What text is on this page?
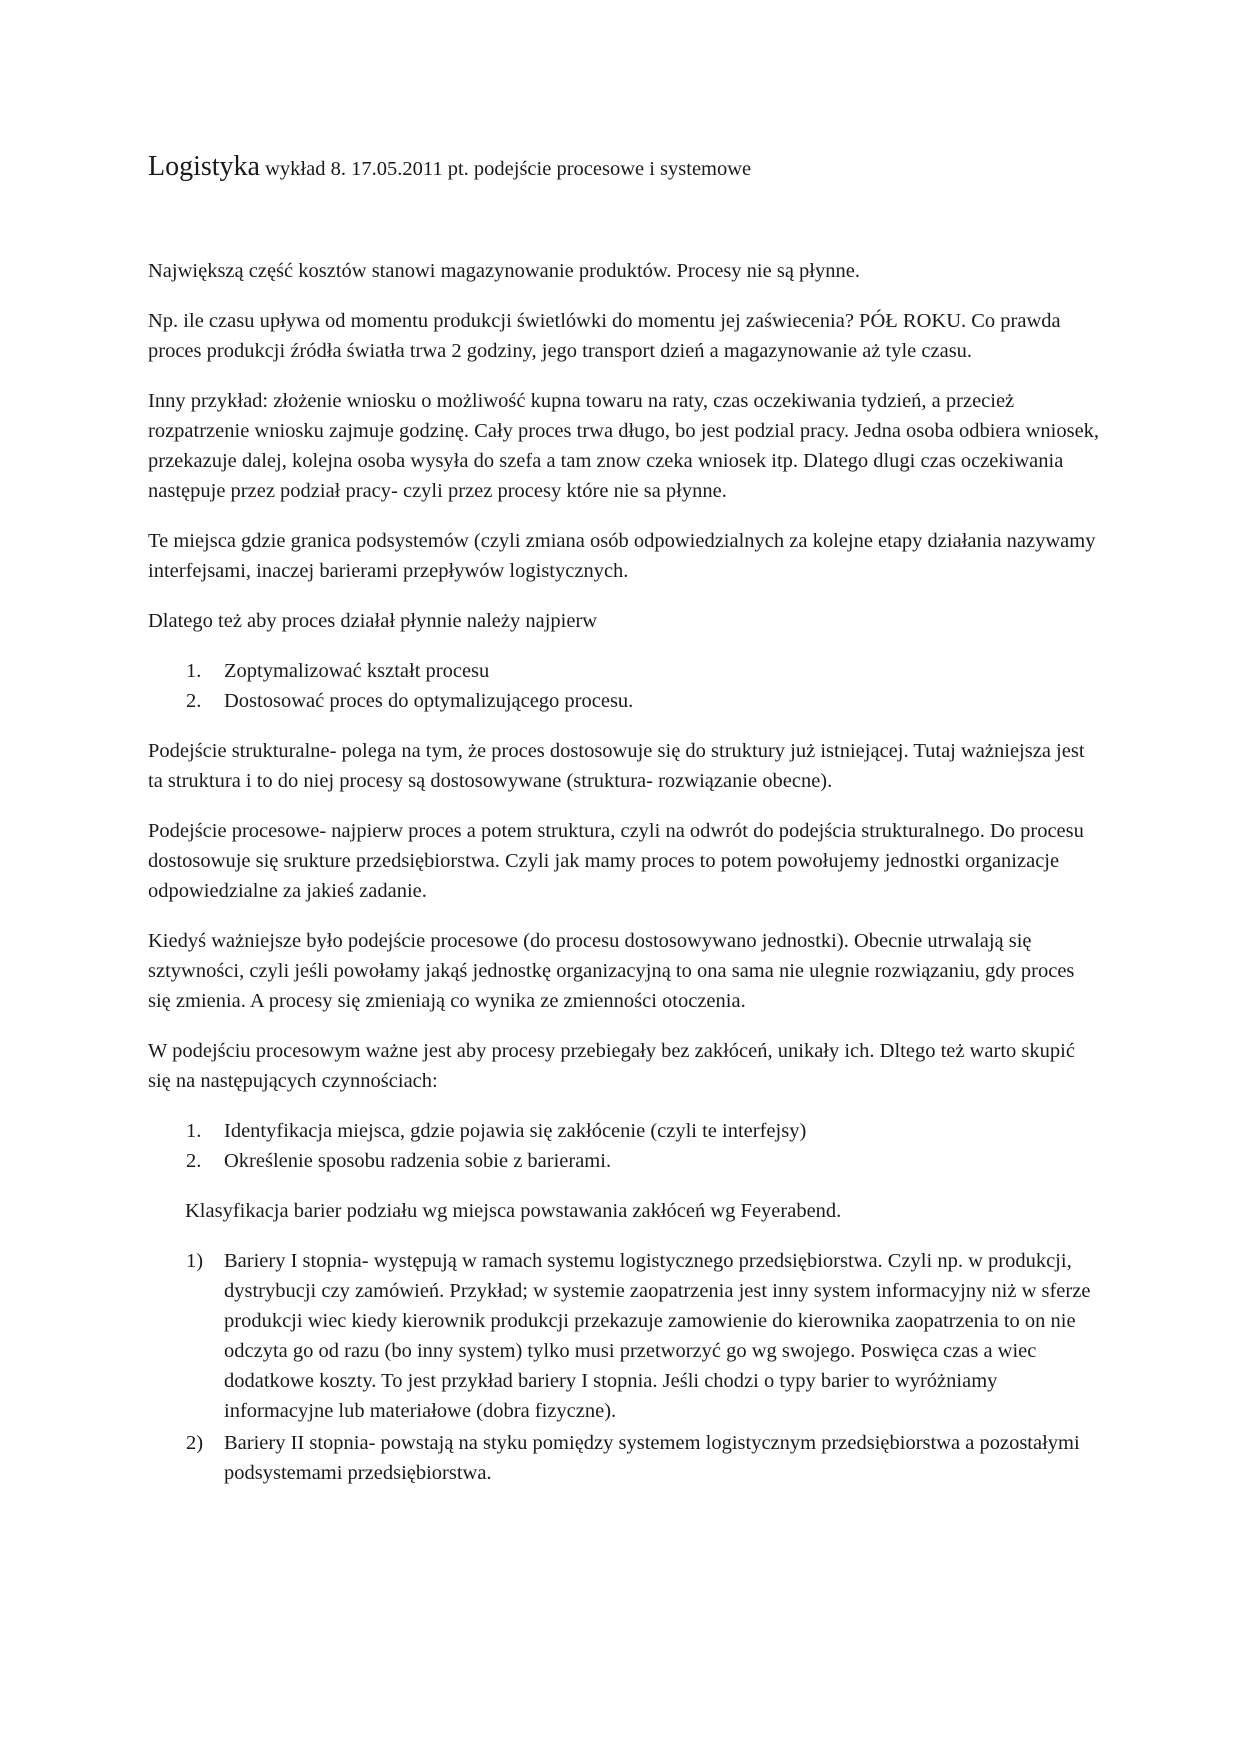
Logistyka wykład 8. 17.05.2011 pt. podejście procesowe i systemowe

Największą część kosztów stanowi magazynowanie produktów. Procesy nie są płynne.

Np. ile czasu upływa od momentu produkcji świetlówki do momentu jej zaświecenia? PÓŁ ROKU. Co prawda proces produkcji źródła światła trwa 2 godziny, jego transport dzień a magazynowanie aż tyle czasu.

Inny przykład: złożenie wniosku o możliwość kupna towaru na raty, czas oczekiwania tydzień, a przecież rozpatrzenie wniosku zajmuje godzinę. Cały proces trwa długo, bo jest podzial pracy. Jedna osoba odbiera wniosek, przekazuje dalej, kolejna osoba wysyła do szefa a tam znow czeka wniosek itp. Dlatego dlugi czas oczekiwania następuje przez podział pracy- czyli przez procesy które nie sa płynne.

Te miejsca gdzie granica podsystemów (czyli zmiana osób odpowiedzialnych za kolejne etapy działania nazywamy interfejsami, inaczej barierami przepływów logistycznych.

Dlatego też aby proces działał płynnie należy najpierw

1. Zoptymalizować kształt procesu
2. Dostosować proces do optymalizującego procesu.

Podejście strukturalne- polega na tym, że proces dostosowuje się do struktury już istniejącej. Tutaj ważniejsza jest ta struktura i to do niej procesy są dostosowywane (struktura- rozwiązanie obecne).

Podejście procesowe- najpierw proces a potem struktura, czyli na odwrót do podejścia strukturalnego. Do procesu dostosowuje się srukture przedsiębiorstwa. Czyli jak mamy proces to potem powołujemy jednostki organizacje odpowiedzialne za jakieś zadanie.

Kiedyś ważniejsze było podejście procesowe (do procesu dostosowywano jednostki). Obecnie utrwalają się sztywności, czyli jeśli powołamy jakąś jednostkę organizacyjną to ona sama nie ulegnie rozwiązaniu, gdy proces się zmienia. A procesy się zmieniają co wynika ze zmienności otoczenia.

W podejściu procesowym ważne jest aby procesy przebiegały bez zakłóceń, unikały ich. Dltego też warto skupić się na następujących czynnościach:

1. Identyfikacja miejsca, gdzie pojawia się zakłócenie (czyli te interfejsy)
2. Określenie sposobu radzenia sobie z barierami.

Klasyfikacja barier podziału wg miejsca powstawania zakłóceń wg Feyerabend.

1) Bariery I stopnia- występują w ramach systemu logistycznego przedsiębiorstwa. Czyli np. w produkcji, dystrybucji czy zamówień. Przykład; w systemie zaopatrzenia jest inny system informacyjny niż w sferze produkcji wiec kiedy kierownik produkcji przekazuje zamowienie do kierownika zaopatrzenia to on nie odczyta go od razu (bo inny system) tylko musi przetworzyć go wg swojego. Poswięca czas a wiec dodatkowe koszty. To jest przykład bariery I stopnia. Jeśli chodzi o typy barier to wyróżniamy informacyjne lub materiałowe (dobra fizyczne).
2) Bariery II stopnia- powstają na styku pomiędzy systemem logistycznym przedsiębiorstwa a pozostałymi podsystemami przedsiębiorstwa.
